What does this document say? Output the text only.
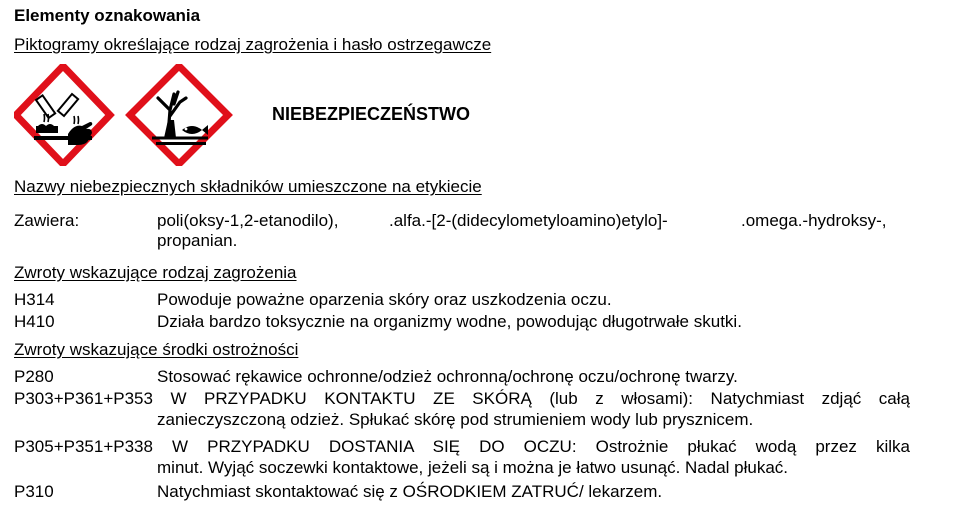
Elementy oznakowania
Piktogramy określające rodzaj zagrożenia i hasło ostrzegawcze
NIEBEZPIECZEŃSTWO
Nazwy niebezpiecznych składników umieszczone na etykiecie
Zawiera:	poli(oksy-1,2-etanodilo),	.alfa.-[2-(didecylometyloamino)etylo]-	.omega.-hydroksy-,
propanian.
Zwroty wskazujące rodzaj zagrożenia
H314	Powoduje poważne oparzenia skóry oraz uszkodzenia oczu.
H410	Działa bardzo toksycznie na organizmy wodne, powodując długotrwałe skutki.
Zwroty wskazujące środki ostrożności
P280	Stosować rękawice ochronne/odzież ochronną/ochronę oczu/ochronę twarzy.
P303+P361+P353 W PRZYPADKU KONTAKTU ZE SKÓRĄ (lub z włosami): Natychmiast zdjąć całą
zanieczyszczoną odzież. Spłukać skórę pod strumieniem wody lub prysznicem.
P305+P351+P338 W PRZYPADKU DOSTANIA SIĘ DO OCZU: Ostrożnie płukać wodą przez kilka
minut. Wyjąć soczewki kontaktowe, jeżeli są i można je łatwo usunąć. Nadal płukać.
P310	Natychmiast skontaktować się z OŚRODKIEM ZATRUĆ/ lekarzem.
